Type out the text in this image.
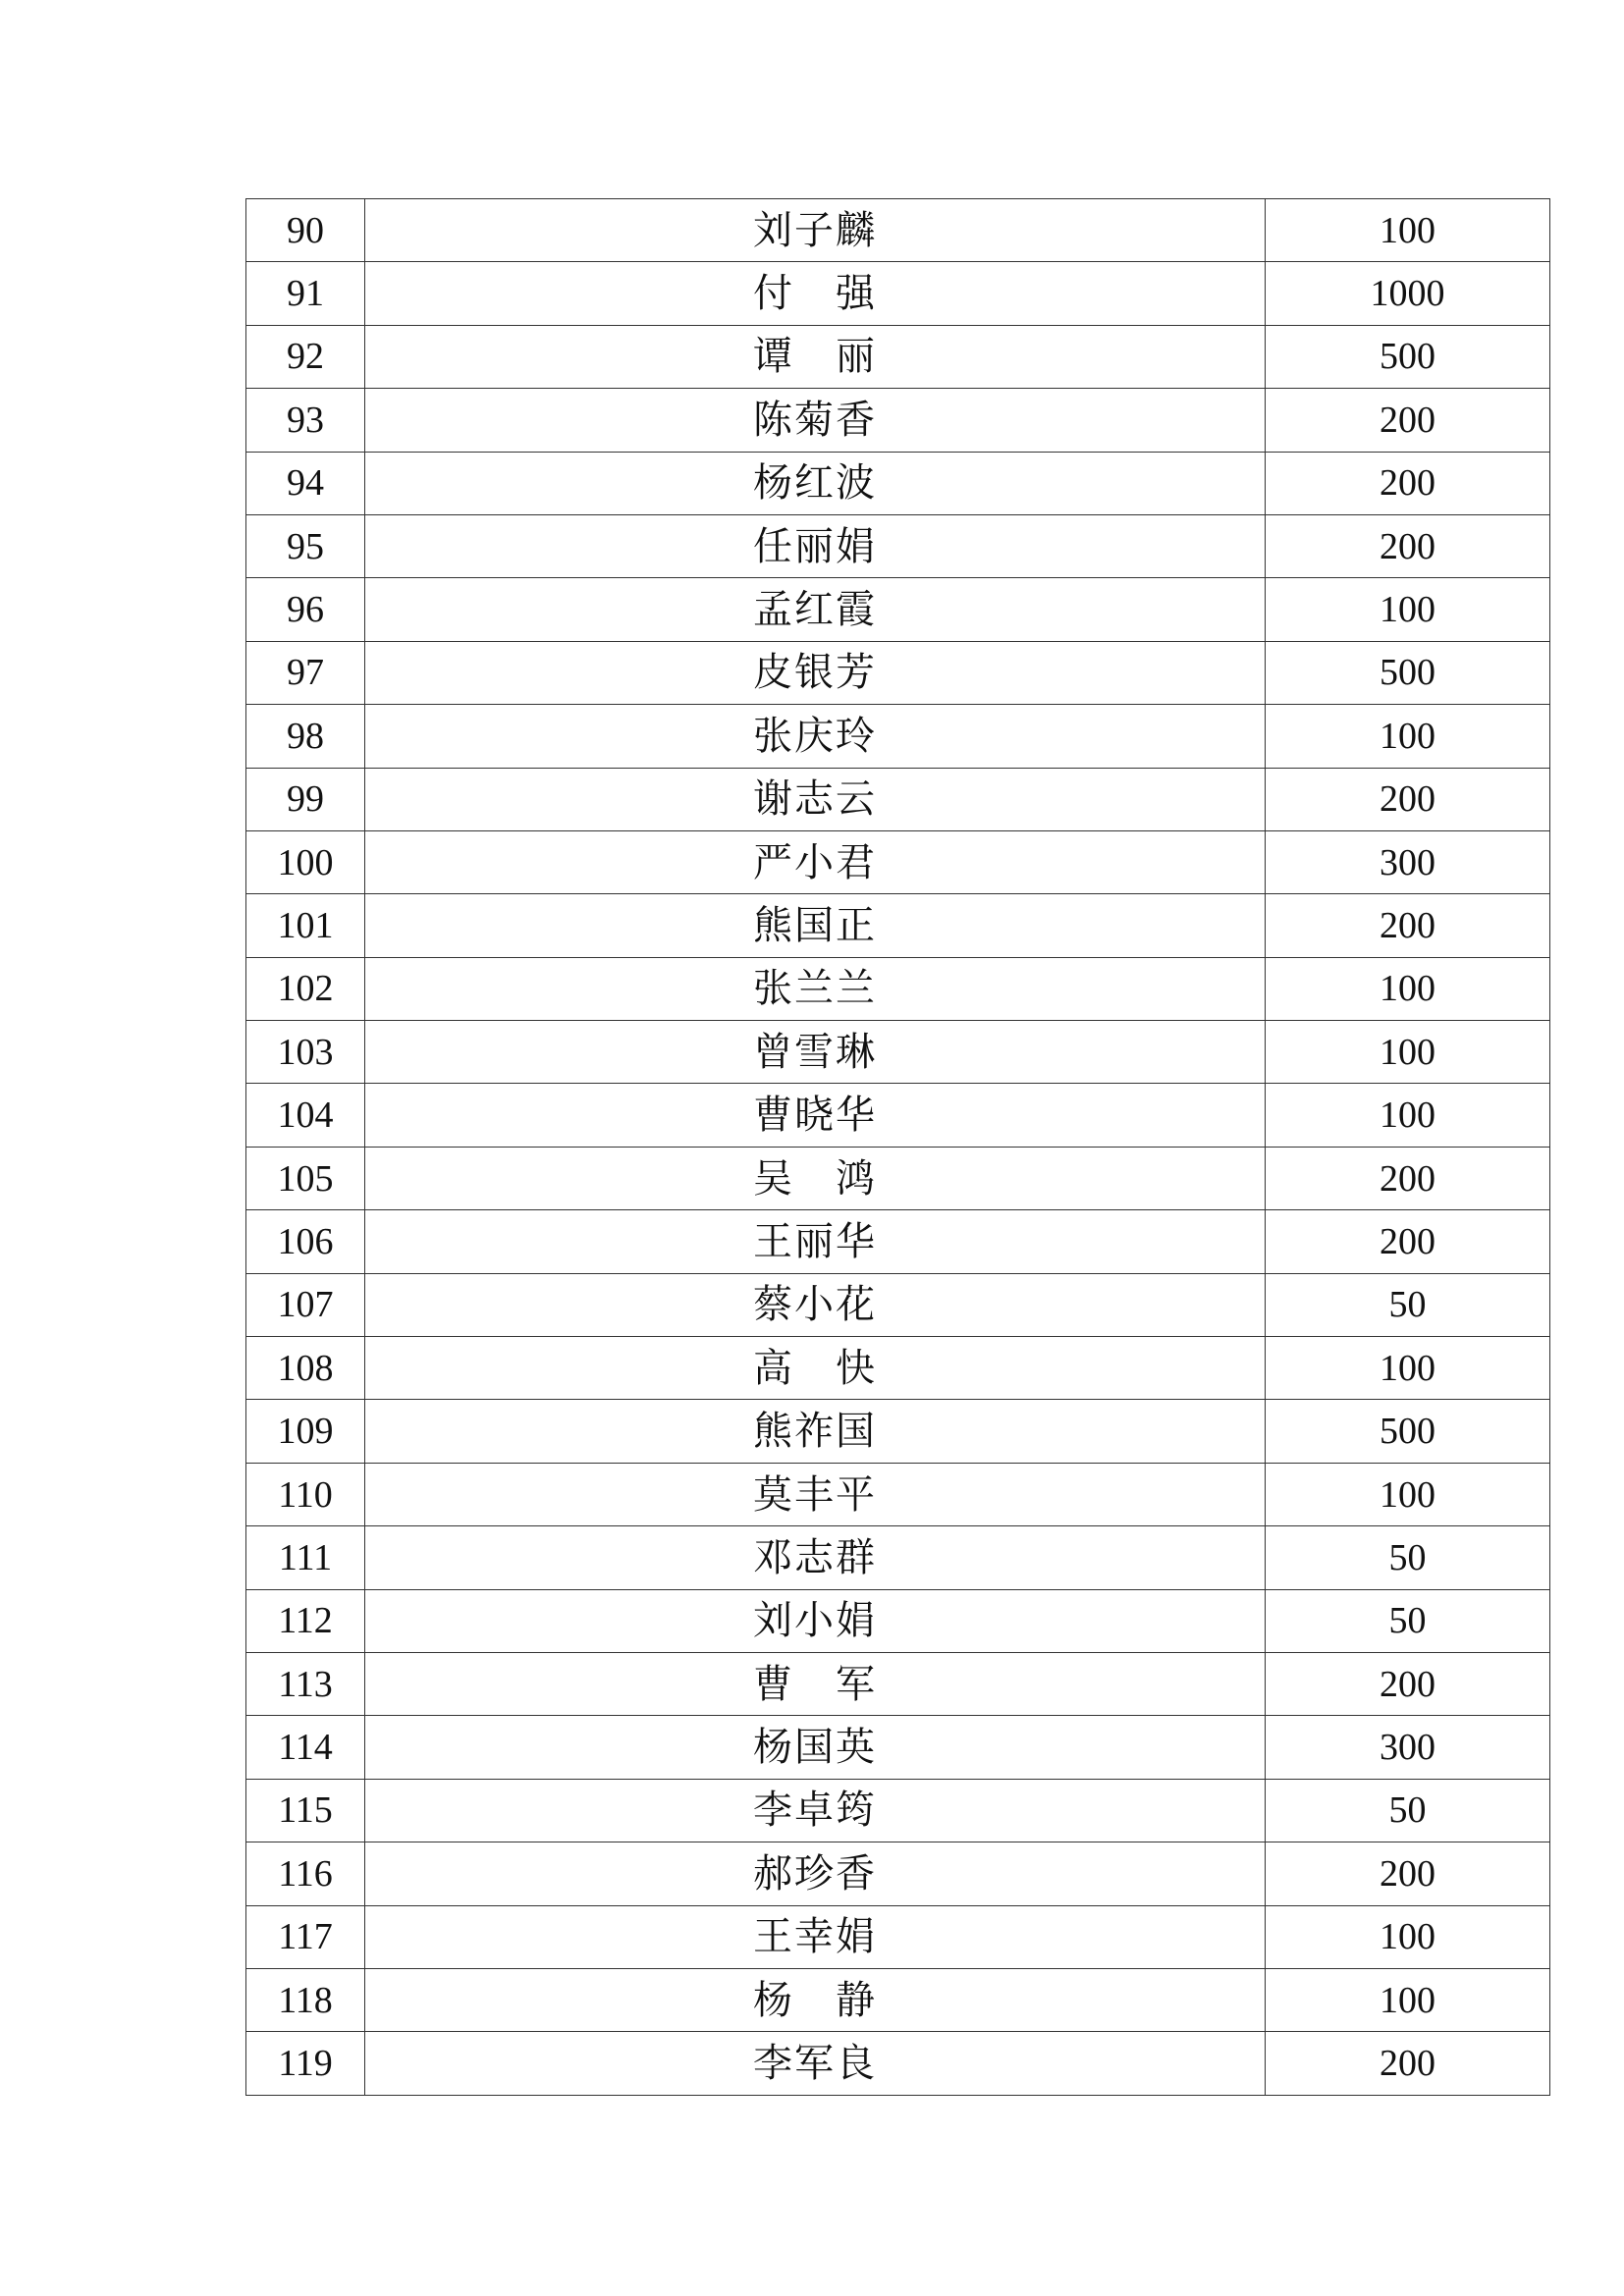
90	刘子麟	100
91	付　强	1000
92	谭　丽	500
93	陈菊香	200
94	杨红波	200
95	任丽娟	200
96	孟红霞	100
97	皮银芳	500
98	张庆玲	100
99	谢志云	200
100	严小君	300
101	熊国正	200
102	张兰兰	100
103	曾雪琳	100
104	曹晓华	100
105	吴　鸿	200
106	王丽华	200
107	蔡小花	50
108	高　快	100
109	熊祚国	500
110	莫丰平	100
111	邓志群	50
112	刘小娟	50
113	曹　军	200
114	杨国英	300
115	李卓筠	50
116	郝珍香	200
117	王幸娟	100
118	杨　静	100
119	李军良	200
